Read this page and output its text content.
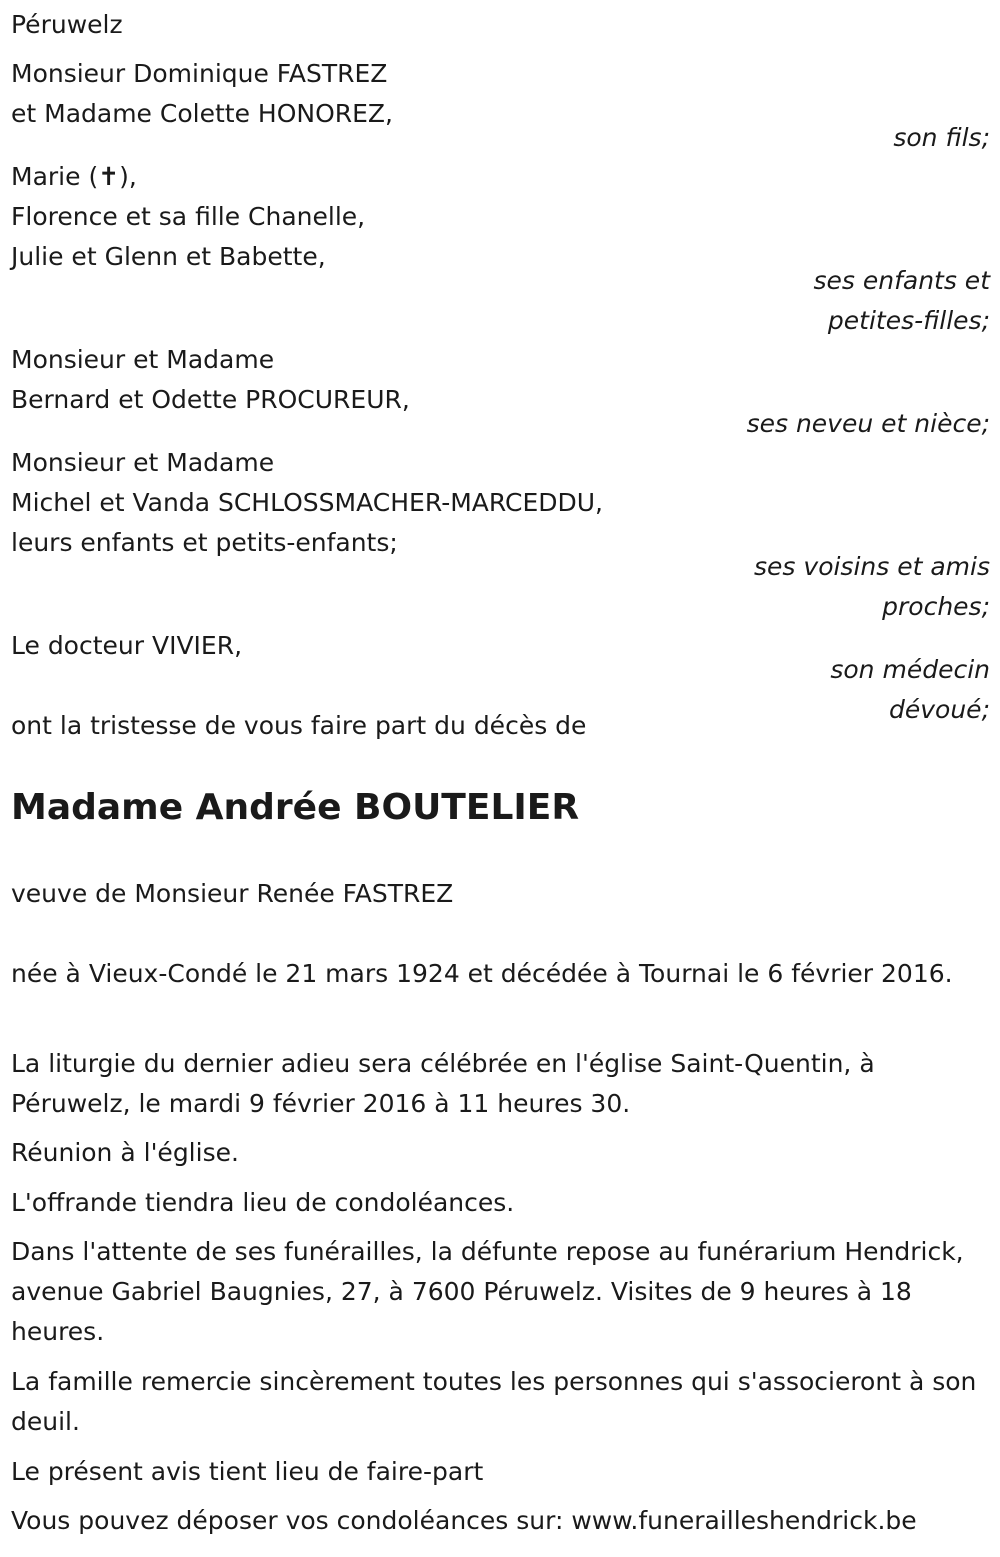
Péruwelz
Monsieur Dominique FASTREZ
et Madame Colette HONOREZ,
son fils;
Marie (✝),
Florence et sa fille Chanelle,
Julie et Glenn et Babette,
ses enfants et
petites-filles;
Monsieur et Madame
Bernard et Odette PROCUREUR,
ses neveu et nièce;
Monsieur et Madame
Michel et Vanda SCHLOSSMACHER-MARCEDDU,
leurs enfants et petits-enfants;
ses voisins et amis
proches;
Le docteur VIVIER,
son médecin
dévoué;
ont la tristesse de vous faire part du décès de
Madame Andrée BOUTELIER
veuve de Monsieur Renée FASTREZ
née à Vieux-Condé le 21 mars 1924 et décédée à Tournai le 6 février 2016.
La liturgie du dernier adieu sera célébrée en l'église Saint-Quentin, à Péruwelz, le mardi 9 février 2016 à 11 heures 30.
Réunion à l'église.
L'offrande tiendra lieu de condoléances.
Dans l'attente de ses funérailles, la défunte repose au funérarium Hendrick, avenue Gabriel Baugnies, 27, à 7600 Péruwelz. Visites de 9 heures à 18 heures.
La famille remercie sincèrement toutes les personnes qui s'associeront à son deuil.
Le présent avis tient lieu de faire-part
Vous pouvez déposer vos condoléances sur: www.funerailleshendrick.be
